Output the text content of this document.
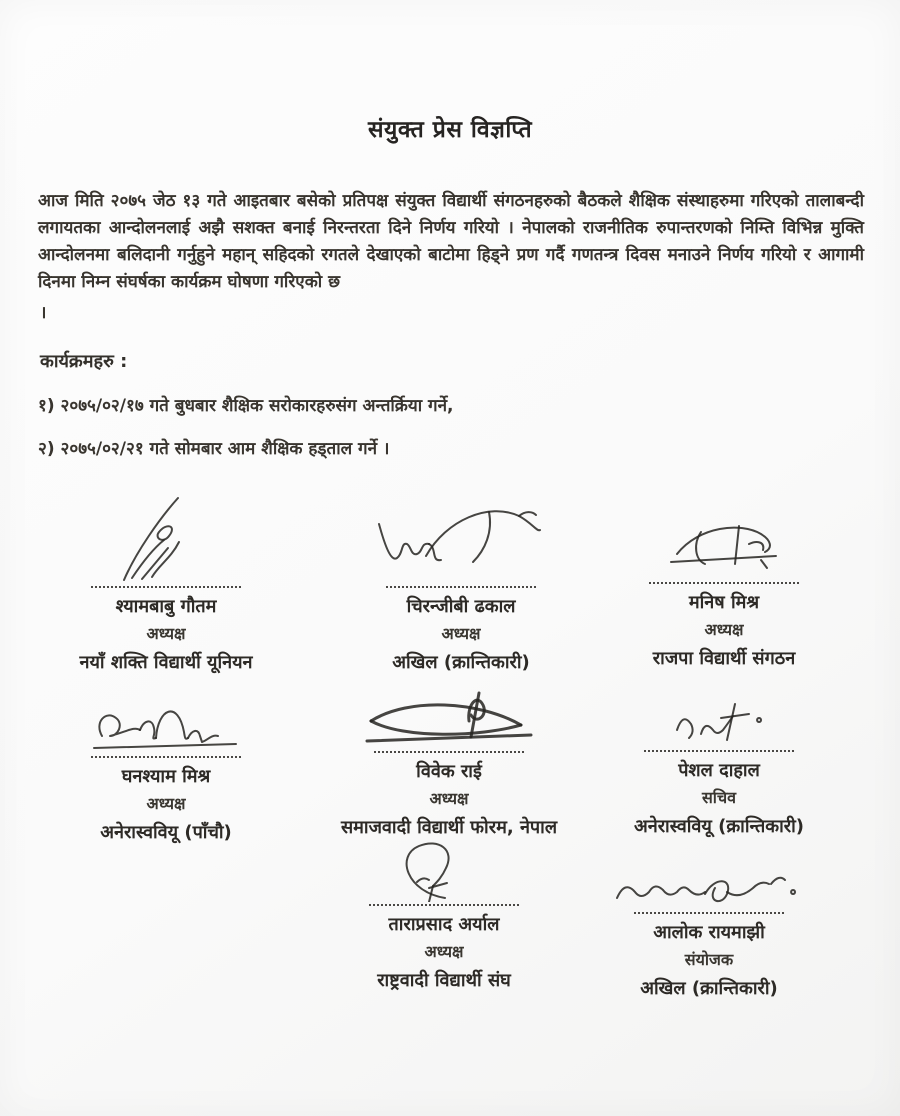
संयुक्त प्रेस विज्ञप्ति
आज मिति २०७५ जेठ १३ गते आइतबार बसेको प्रतिपक्ष संयुक्त विद्यार्थी संगठनहरुको बैठकले शैक्षिक संस्थाहरुमा गरिएको तालाबन्दी लगायतका आन्दोलनलाई अझै सशक्त बनाई निरन्तरता दिने निर्णय गरियो । नेपालको राजनीतिक रुपान्तरणको निम्ति विभिन्न मुक्ति आन्दोलनमा बलिदानी गर्नुहुने महान् सहिदको रगतले देखाएको बाटोमा हिड्ने प्रण गर्दै गणतन्त्र दिवस मनाउने निर्णय गरियो र आगामी दिनमा निम्न संघर्षका कार्यक्रम घोषणा गरिएको छ
।
कार्यक्रमहरु :
१) २०७५/०२/१७ गते बुधबार शैक्षिक सरोकारहरुसंग अन्तर्क्रिया गर्ने,
२) २०७५/०२/२१ गते सोमबार आम शैक्षिक हड्ताल गर्ने ।
श्यामबाबु गौतम
अध्यक्ष
नयाँ शक्ति विद्यार्थी यूनियन
चिरन्जीबी ढकाल
अध्यक्ष
अखिल (क्रान्तिकारी)
मनिष मिश्र
अध्यक्ष
राजपा विद्यार्थी संगठन
घनश्याम मिश्र
अध्यक्ष
अनेरास्ववियू (पाँचौ)
विवेक राई
अध्यक्ष
समाजवादी विद्यार्थी फोरम, नेपाल
पेशल दाहाल
सचिव
अनेरास्ववियू (क्रान्तिकारी)
ताराप्रसाद अर्याल
अध्यक्ष
राष्ट्रवादी विद्यार्थी संघ
आलोक रायमाझी
संयोजक
अखिल (क्रान्तिकारी)
